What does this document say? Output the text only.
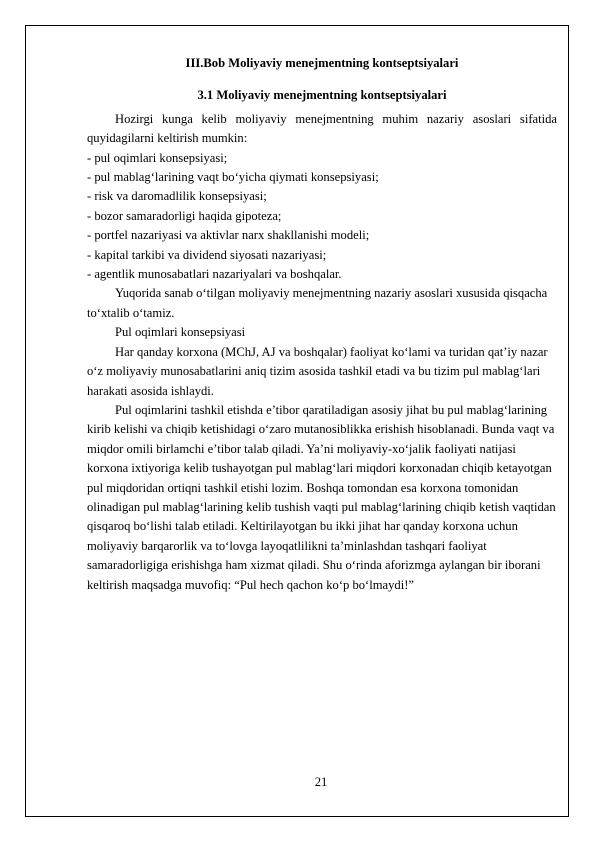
III.Bob Moliyaviy menejmentning kontseptsiyalari

3.1 Moliyaviy menejmentning kontseptsiyalari

Hozirgi kunga kelib moliyaviy menejmentning muhim nazariy asoslari sifatida quyidagilarni keltirish mumkin:

- pul oqimlari konsepsiyasi;

- pul mablagʻlarining vaqt boʻyicha qiymati konsepsiyasi;

- risk va daromadlilik konsepsiyasi;

- bozor samaradorligi haqida gipoteza;

- portfel nazariyasi va aktivlar narx shakllanishi modeli;

- kapital tarkibi va dividend siyosati nazariyasi;

- agentlik munosabatlari nazariyalari va boshqalar.

Yuqorida sanab oʻtilgan moliyaviy menejmentning nazariy asoslari xususida qisqacha toʻxtalib oʻtamiz.

Pul oqimlari konsepsiyasi

Har qanday korxona (MChJ, AJ va boshqalar) faoliyat koʻlami va turidan qat’iy nazar oʻz moliyaviy munosabatlarini aniq tizim asosida tashkil etadi va bu tizim pul mablagʻlari harakati asosida ishlaydi.

Pul oqimlarini tashkil etishda e’tibor qaratiladigan asosiy jihat bu pul mablagʻlarining kirib kelishi va chiqib ketishidagi oʻzaro mutanosiblikka erishish hisoblanadi. Bunda vaqt va miqdor omili birlamchi e’tibor talab qiladi. Ya’ni moliyaviy-xoʻjalik faoliyati natijasi korxona ixtiyoriga kelib tushayotgan pul mablagʻlari miqdori korxonadan chiqib ketayotgan pul miqdoridan ortiqni tashkil etishi lozim. Boshqa tomondan esa korxona tomonidan olinadigan pul mablagʻlarining kelib tushish vaqti pul mablagʻlarining chiqib ketish vaqtidan qisqaroq boʻlishi talab etiladi. Keltirilayotgan bu ikki jihat har qanday korxona uchun moliyaviy barqarorlik va toʻlovga layoqatlilikni ta’minlashdan tashqari faoliyat samaradorligiga erishishga ham xizmat qiladi. Shu oʻrinda aforizmga aylangan bir iborani keltirish maqsadga muvofiq: “Pul hech qachon koʻp boʻlmaydi!”

21
